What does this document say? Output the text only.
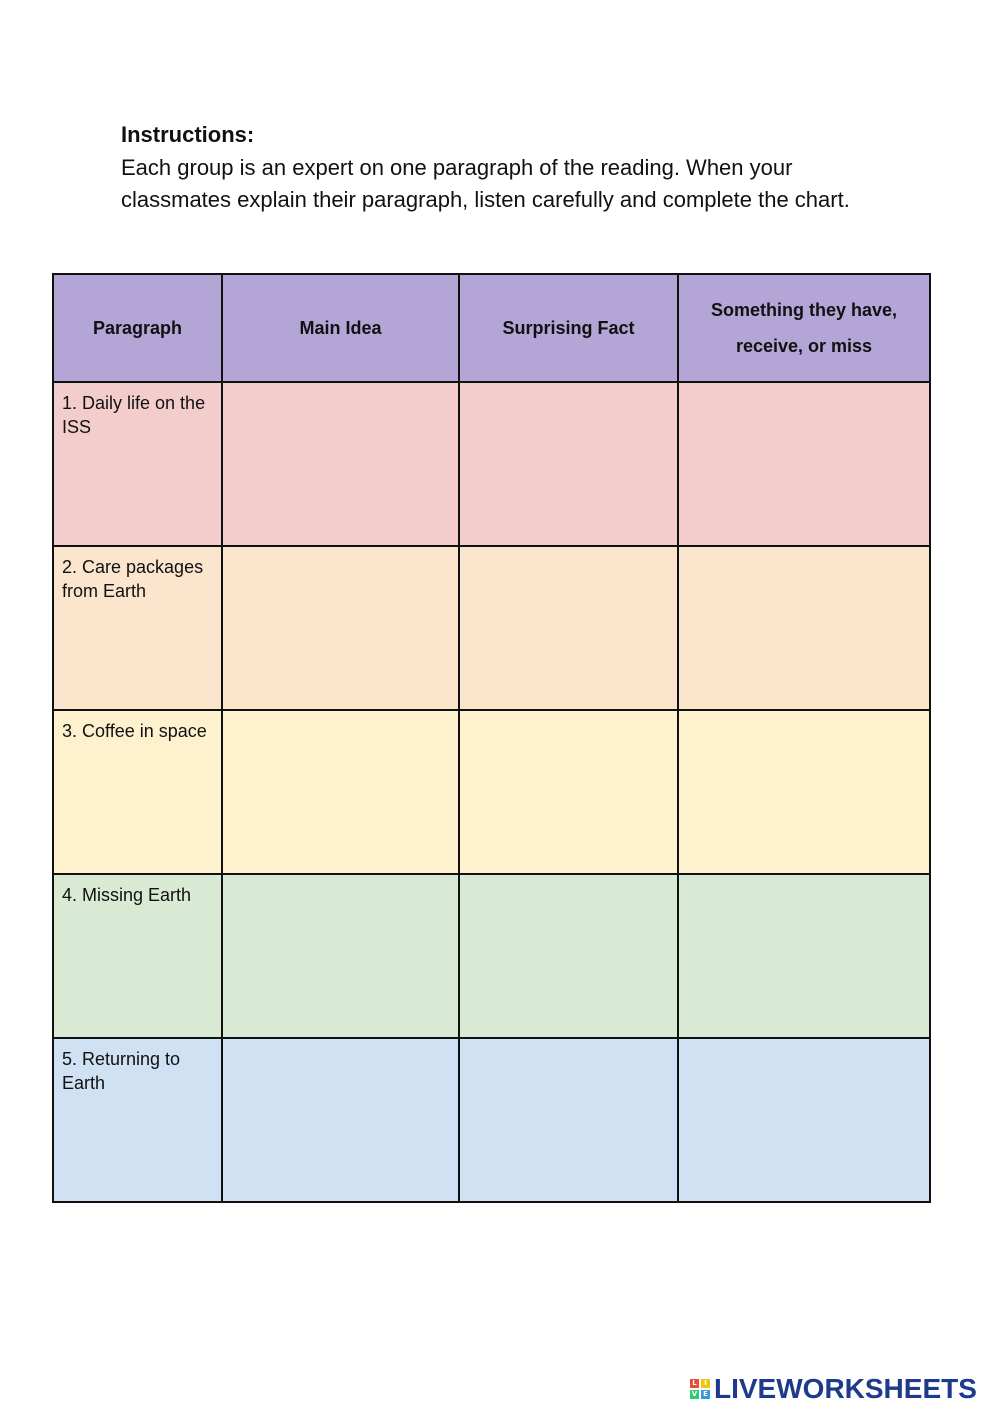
Instructions:

Each group is an expert on one paragraph of the reading. When your classmates explain their paragraph, listen carefully and complete the chart.

Paragraph	Main Idea	Surprising Fact	Something they have, receive, or miss
1. Daily life on the ISS			
2. Care packages from Earth			
3. Coffee in space			
4. Missing Earth			
5. Returning to Earth			
L	I
V E LIVEWORKSHEETS
